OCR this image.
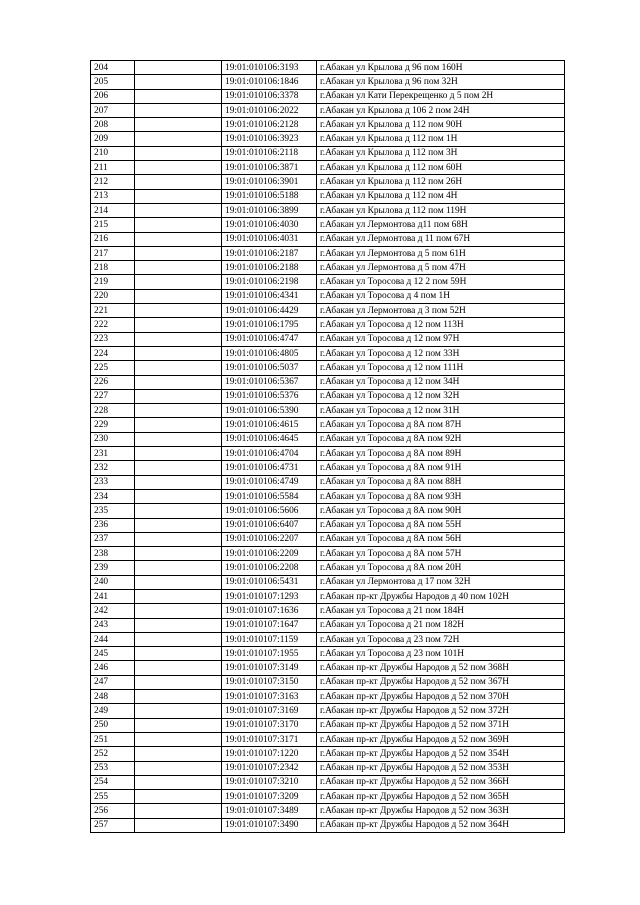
204		19:01:010106:3193	г.Абакан ул Крылова д 96 пом 160Н
205		19:01:010106:1846	г.Абакан ул Крылова д 96 пом 32Н
206		19:01:010106:3378	г.Абакан ул Кати Перекрещенко д 5 пом 2Н
207		19:01:010106:2022	г.Абакан ул Крылова д 106 2 пом 24Н
208		19:01:010106:2128	г.Абакан ул Крылова д 112 пом 90Н
209		19:01:010106:3923	г.Абакан ул Крылова д 112 пом 1Н
210		19:01:010106:2118	г.Абакан ул Крылова д 112 пом 3Н
211		19:01:010106:3871	г.Абакан ул Крылова д 112 пом 60Н
212		19:01:010106:3901	г.Абакан ул Крылова д 112 пом 26Н
213		19:01:010106:5188	г.Абакан ул Крылова д 112 пом 4Н
214		19:01:010106:3899	г.Абакан ул Крылова д 112 пом 119Н
215		19:01:010106:4030	г.Абакан ул Лермонтова д11 пом 68Н
216		19:01:010106:4031	г.Абакан ул Лермонтова д 11 пом 67Н
217		19:01:010106:2187	г.Абакан ул Лермонтова д 5 пом 61Н
218		19:01:010106:2188	г.Абакан ул Лермонтова д 5 пом 47Н
219		19:01:010106:2198	г.Абакан ул Торосова д 12 2 пом 59Н
220		19:01:010106:4341	г.Абакан ул Торосова д 4 пом 1Н
221		19:01:010106:4429	г.Абакан ул Лермонтова д 3 пом 52Н
222		19:01:010106:1795	г.Абакан ул Торосова д 12 пом 113Н
223		19:01:010106:4747	г.Абакан ул Торосова д 12 пом 97Н
224		19:01:010106:4805	г.Абакан ул Торосова д 12 пом 33Н
225		19:01:010106:5037	г.Абакан ул Торосова д 12 пом 111Н
226		19:01:010106:5367	г.Абакан ул Торосова д 12 пом 34Н
227		19:01:010106:5376	г.Абакан ул Торосова д 12 пом 32Н
228		19:01:010106:5390	г.Абакан ул Торосова д 12 пом 31Н
229		19:01:010106:4615	г.Абакан ул Торосова д 8А пом 87Н
230		19:01:010106:4645	г.Абакан ул Торосова д 8А пом 92Н
231		19:01:010106:4704	г.Абакан ул Торосова д 8А пом 89Н
232		19:01:010106:4731	г.Абакан ул Торосова д 8А пом 91Н
233		19:01:010106:4749	г.Абакан ул Торосова д 8А пом 88Н
234		19:01:010106:5584	г.Абакан ул Торосова д 8А пом 93Н
235		19:01:010106:5606	г.Абакан ул Торосова д 8А пом 90Н
236		19:01:010106:6407	г.Абакан ул Торосова д 8А пом 55Н
237		19:01:010106:2207	г.Абакан ул Торосова д 8А пом 56Н
238		19:01:010106:2209	г.Абакан ул Торосова д 8А пом 57Н
239		19:01:010106:2208	г.Абакан ул Торосова д 8А пом 20Н
240		19:01:010106:5431	г.Абакан ул Лермонтова д 17 пом 32Н
241		19:01:010107:1293	г.Абакан пр-кт Дружбы Народов д 40 пом 102Н
242		19:01:010107:1636	г.Абакан ул Торосова д 21 пом 184Н
243		19:01:010107:1647	г.Абакан ул Торосова д 21 пом 182Н
244		19:01:010107:1159	г.Абакан ул Торосова д 23 пом 72Н
245		19:01:010107:1955	г.Абакан ул Торосова д 23 пом 101Н
246		19:01:010107:3149	г.Абакан пр-кт Дружбы Народов д 52 пом 368Н
247		19:01:010107:3150	г.Абакан пр-кт Дружбы Народов д 52 пом 367Н
248		19:01:010107:3163	г.Абакан пр-кт Дружбы Народов д 52 пом 370Н
249		19:01:010107:3169	г.Абакан пр-кт Дружбы Народов д 52 пом 372Н
250		19:01:010107:3170	г.Абакан пр-кт Дружбы Народов д 52 пом 371Н
251		19:01:010107:3171	г.Абакан пр-кт Дружбы Народов д 52 пом 369Н
252		19:01:010107:1220	г.Абакан пр-кт Дружбы Народов д 52 пом 354Н
253		19:01:010107:2342	г.Абакан пр-кт Дружбы Народов д 52 пом 353Н
254		19:01:010107:3210	г.Абакан пр-кт Дружбы Народов д 52 пом 366Н
255		19:01:010107:3209	г.Абакан пр-кт Дружбы Народов д 52 пом 365Н
256		19:01:010107:3489	г.Абакан пр-кт Дружбы Народов д 52 пом 363Н
257		19:01:010107:3490	г.Абакан пр-кт Дружбы Народов д 52 пом 364Н
